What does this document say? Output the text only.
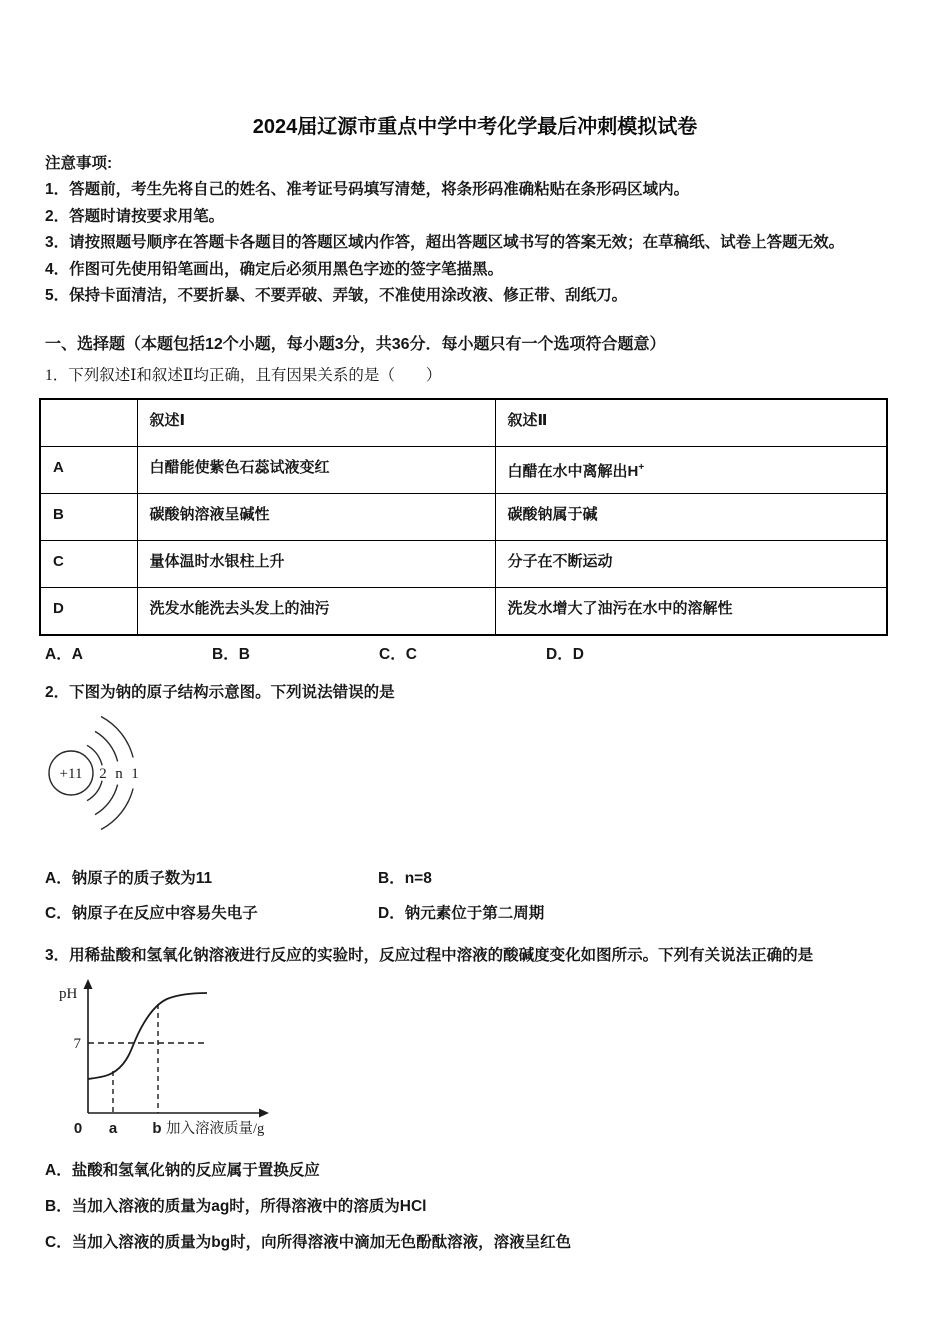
2024届辽源市重点中学中考化学最后冲刺模拟试卷
注意事项:
1．答题前，考生先将自己的姓名、准考证号码填写清楚，将条形码准确粘贴在条形码区域内。
2．答题时请按要求用笔。
3．请按照题号顺序在答题卡各题目的答题区域内作答，超出答题区域书写的答案无效；在草稿纸、试卷上答题无效。
4．作图可先使用铅笔画出，确定后必须用黑色字迹的签字笔描黑。
5．保持卡面清洁，不要折暴、不要弄破、弄皱，不准使用涂改液、修正带、刮纸刀。
一、选择题（本题包括12个小题，每小题3分，共36分．每小题只有一个选项符合题意）
1．下列叙述Ⅰ和叙述Ⅱ均正确，且有因果关系的是（　　）
	叙述Ⅰ	叙述Ⅱ
A	白醋能使紫色石蕊试液变红	白醋在水中离解出H+
B	碳酸钠溶液呈碱性	碳酸钠属于碱
C	量体温时水银柱上升	分子在不断运动
D	洗发水能洗去头发上的油污	洗发水增大了油污在水中的溶解性
A．A	B．B	C．C	D．D
2．下图为钠的原子结构示意图。下列说法错误的是
+11 2 n 1
A．钠原子的质子数为11	B．n=8
C．钠原子在反应中容易失电子	D．钠元素位于第二周期
3．用稀盐酸和氢氧化钠溶液进行反应的实验时，反应过程中溶液的酸碱度变化如图所示。下列有关说法正确的是
pH
7
0 a b 加入溶液质量/g
A．盐酸和氢氧化钠的反应属于置换反应
B．当加入溶液的质量为ag时，所得溶液中的溶质为HCl
C．当加入溶液的质量为bg时，向所得溶液中滴加无色酚酞溶液，溶液呈红色
